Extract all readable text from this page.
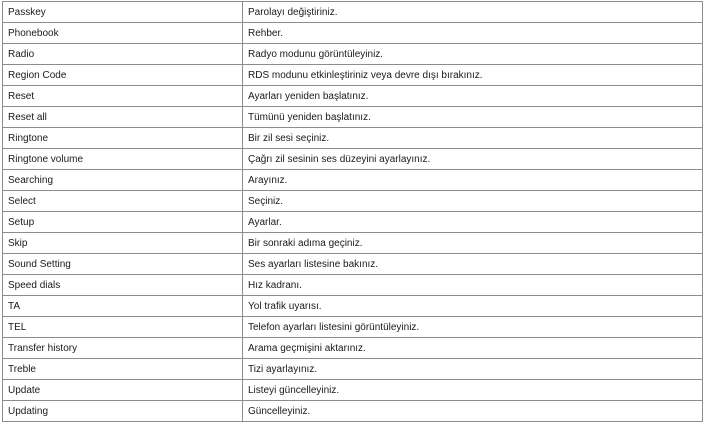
Passkey	Parolayı değiştiriniz.
Phonebook	Rehber.
Radio	Radyo modunu görüntüleyiniz.
Region Code	RDS modunu etkinleştiriniz veya devre dışı bırakınız.
Reset	Ayarları yeniden başlatınız.
Reset all	Tümünü yeniden başlatınız.
Ringtone	Bir zil sesi seçiniz.
Ringtone volume	Çağrı zil sesinin ses düzeyini ayarlayınız.
Searching	Arayınız.
Select	Seçiniz.
Setup	Ayarlar.
Skip	Bir sonraki adıma geçiniz.
Sound Setting	Ses ayarları listesine bakınız.
Speed dials	Hız kadranı.
TA	Yol trafik uyarısı.
TEL	Telefon ayarları listesini görüntüleyiniz.
Transfer history	Arama geçmişini aktarınız.
Treble	Tizi ayarlayınız.
Update	Listeyi güncelleyiniz.
Updating	Güncelleyiniz.
